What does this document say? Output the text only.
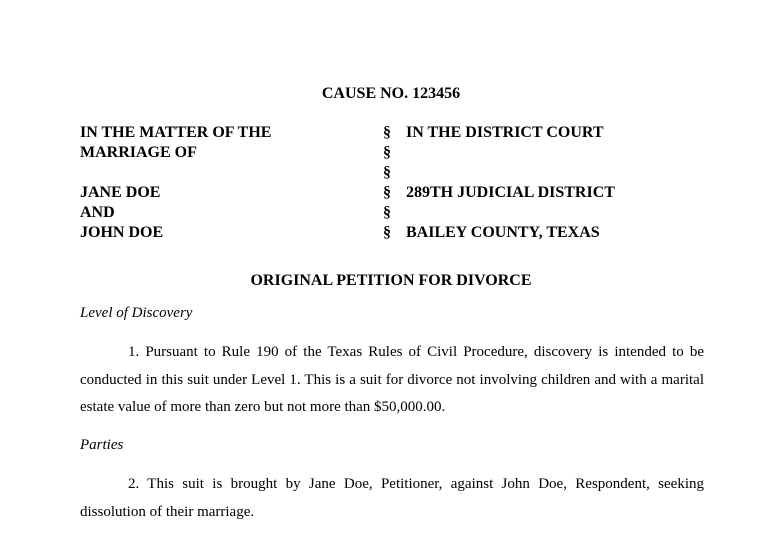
CAUSE NO. 123456
IN THE MATTER OF THE
MARRIAGE OF
JANE DOE
AND
JOHN DOE
§
§
§
§
§
§
IN THE DISTRICT COURT
289TH JUDICIAL DISTRICT
BAILEY COUNTY, TEXAS
ORIGINAL PETITION FOR DIVORCE
Level of Discovery
1. Pursuant to Rule 190 of the Texas Rules of Civil Procedure, discovery is intended to be conducted in this suit under Level 1. This is a suit for divorce not involving children and with a marital estate value of more than zero but not more than $50,000.00.
Parties
2. This suit is brought by Jane Doe, Petitioner, against John Doe, Respondent, seeking dissolution of their marriage.
